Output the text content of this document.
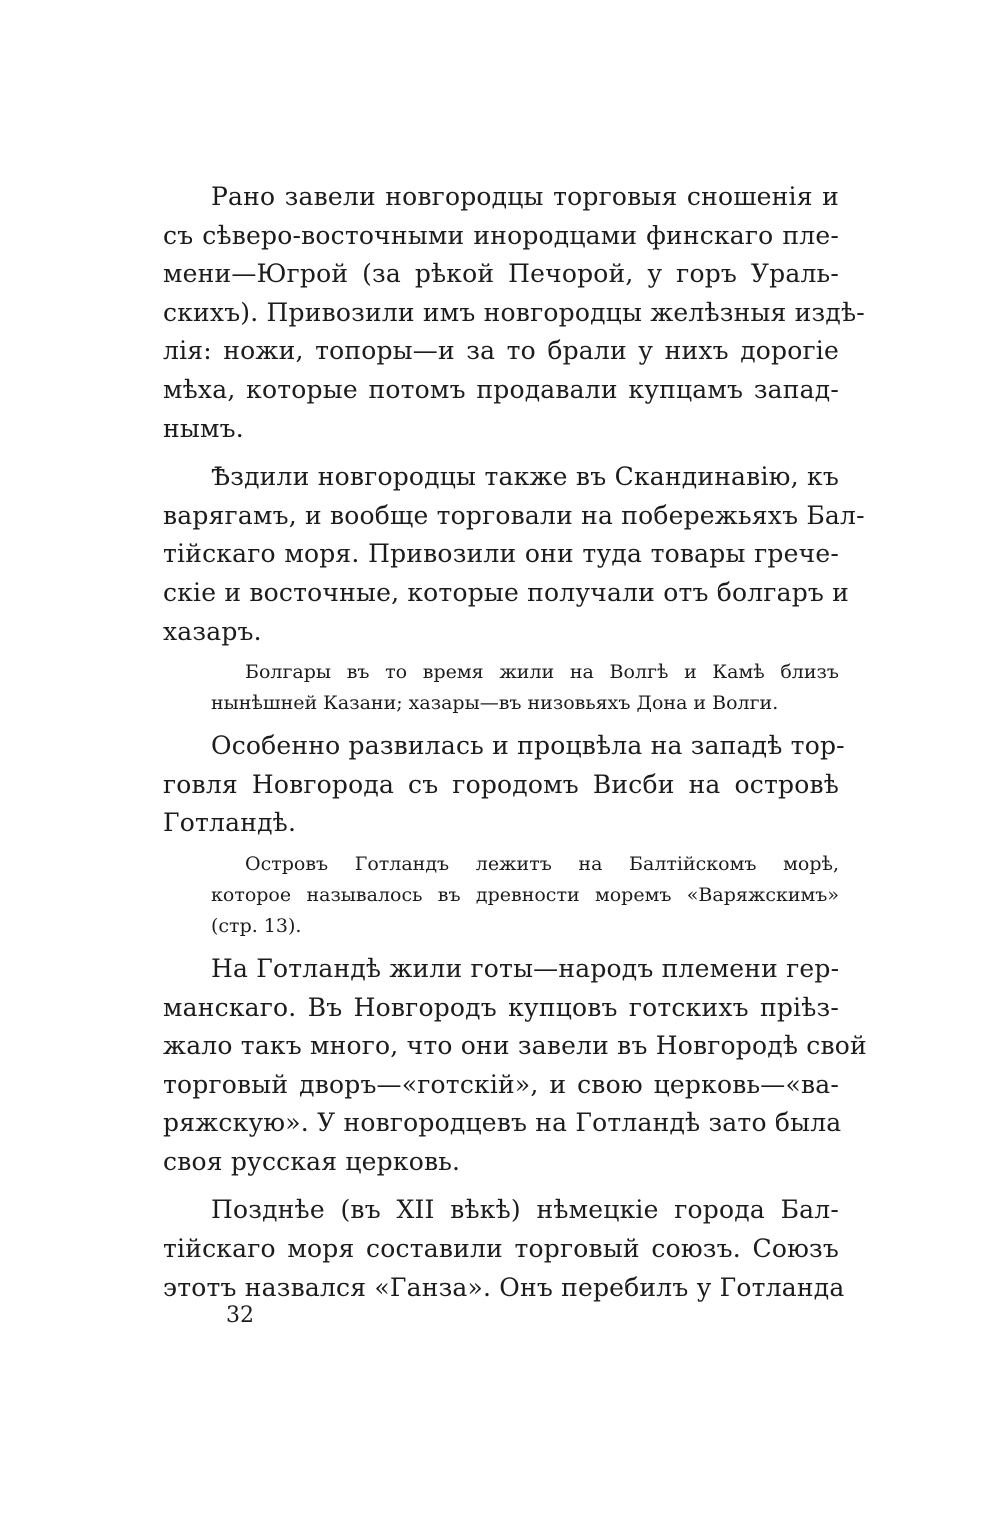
Рано завели новгородцы торговыя сношенія и
съ сѣверо-восточными инородцами финскаго пле-
мени—Югрой (за рѣкой Печорой, у горъ Ураль-
скихъ). Привозили имъ новгородцы желѣзныя издѣ-
лія: ножи, топоры—и за то брали у нихъ дорогіе
мѣха, которые потомъ продавали купцамъ запад-
нымъ.
Ѣздили новгородцы также въ Скандинавію, къ
варягамъ, и вообще торговали на побережьяхъ Бал-
тійскаго моря. Привозили они туда товары грече-
скіе и восточные, которые получали отъ болгаръ и
хазаръ.
Болгары въ то время жили на Волгѣ и Камѣ близъ
нынѣшней Казани; хазары—въ низовьяхъ Дона и Волги.
Особенно развилась и процвѣла на западѣ тор-
говля Новгорода съ городомъ Висби на островѣ
Готландѣ.
Островъ Готландъ лежитъ на Балтійскомъ морѣ,
которое называлось въ древности моремъ «Варяжскимъ»
(стр. 13).
На Готландѣ жили готы—народъ племени гер-
манскаго. Въ Новгородъ купцовъ готскихъ пріѣз-
жало такъ много, что они завели въ Новгородѣ свой
торговый дворъ—«готскій», и свою церковь—«ва-
ряжскую». У новгородцевъ на Готландѣ зато была
своя русская церковь.
Позднѣе (въ XII вѣкѣ) нѣмецкіе города Бал-
тійскаго моря составили торговый союзъ. Союзъ
этотъ назвался «Ганза». Онъ перебилъ у Готланда
32
